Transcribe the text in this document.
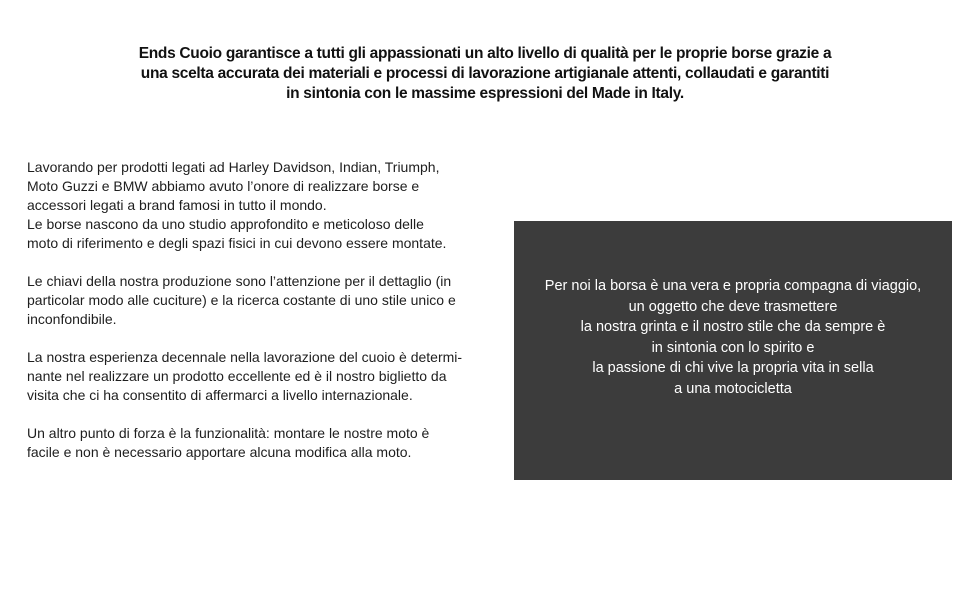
Ends Cuoio garantisce a tutti gli appassionati un alto livello di qualità per le proprie borse grazie a
una scelta accurata dei materiali e processi di lavorazione artigianale attenti, collaudati e garantiti
in sintonia con le massime espressioni del Made in Italy.

Lavorando per prodotti legati ad Harley Davidson, Indian, Triumph,
Moto Guzzi e BMW abbiamo avuto l’onore di realizzare borse e
accessori legati a brand famosi in tutto il mondo.
Le borse nascono da uno studio approfondito e meticoloso delle
moto di riferimento e degli spazi fisici in cui devono essere montate.

Le chiavi della nostra produzione sono l’attenzione per il dettaglio (in
particolar modo alle cuciture) e la ricerca costante di uno stile unico e
inconfondibile.

La nostra esperienza decennale nella lavorazione del cuoio è determi-
nante nel realizzare un prodotto eccellente ed è il nostro biglietto da
visita che ci ha consentito di affermarci a livello internazionale.

Un altro punto di forza è la funzionalità: montare le nostre moto è
facile e non è necessario apportare alcuna modifica alla moto.

Per noi la borsa è una vera e propria compagna di viaggio,
un oggetto che deve trasmettere
la nostra grinta e il nostro stile che da sempre è
in sintonia con lo spirito e
la passione di chi vive la propria vita in sella
a una motocicletta
